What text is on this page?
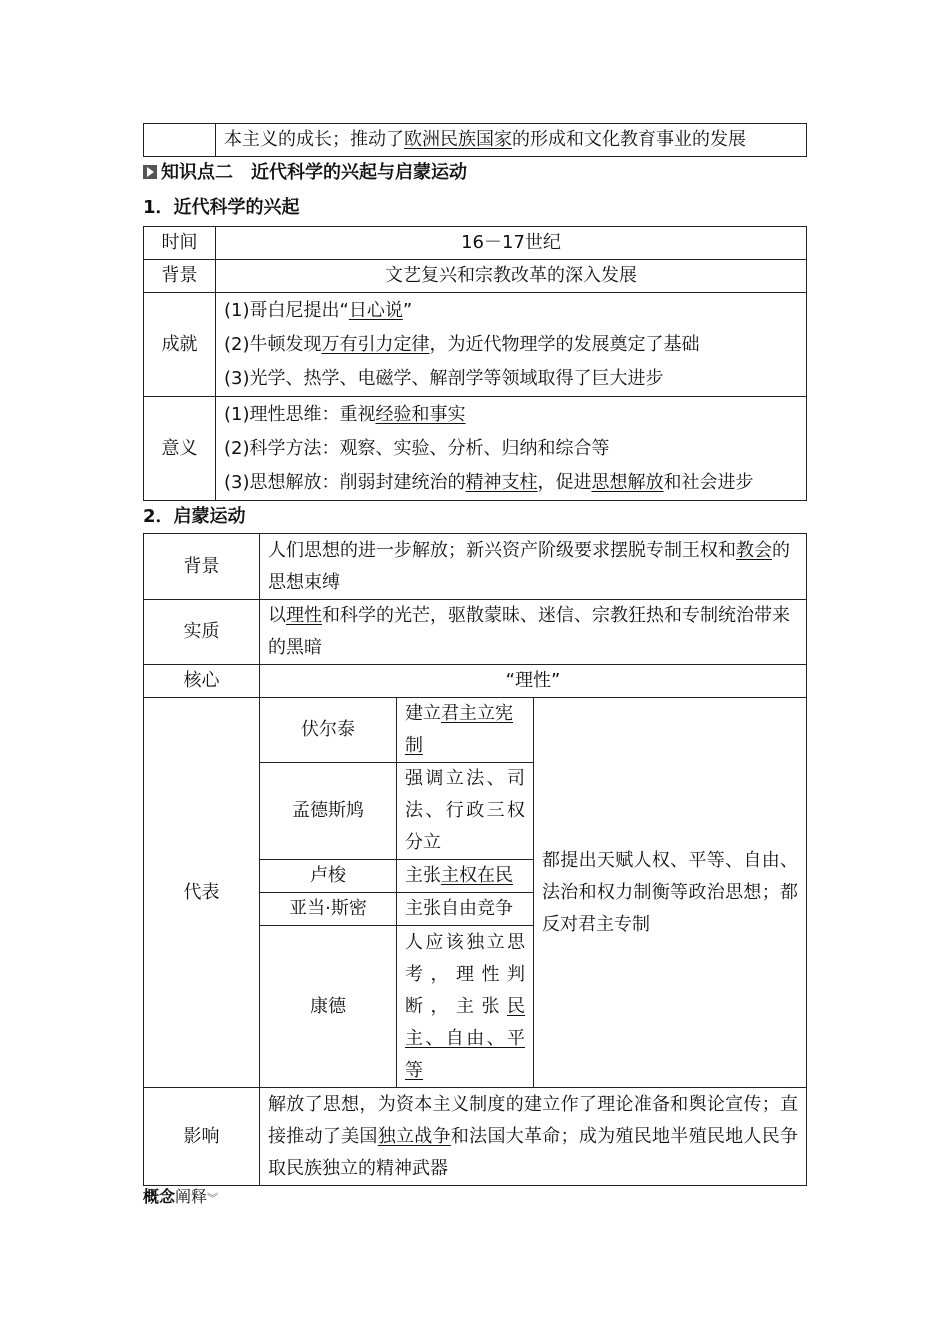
	本主义的成长；推动了欧洲民族国家的形成和文化教育事业的发展
知识点二　近代科学的兴起与启蒙运动
1．近代科学的兴起
时间	16－17世纪
背景	文艺复兴和宗教改革的深入发展
成就	(1)哥白尼提出“日心说”
(2)牛顿发现万有引力定律，为近代物理学的发展奠定了基础
(3)光学、热学、电磁学、解剖学等领域取得了巨大进步

意义	(1)理性思维：重视经验和事实
(2)科学方法：观察、实验、分析、归纳和综合等
(3)思想解放：削弱封建统治的精神支柱，促进思想解放和社会进步
2．启蒙运动
背景	人们思想的进一步解放；新兴资产阶级要求摆脱专制王权和教会的思想束缚		
实质	以理性和科学的光芒，驱散蒙昧、迷信、宗教狂热和专制统治带来的黑暗		
核心	“理性”		
代表	伏尔泰	建立君主立宪制	都提出天赋人权、平等、自由、法治和权力制衡等政治思想；都反对君主专制
	孟德斯鸠	强调立法、司法、行政三权分立	
	卢梭	主张主权在民	
	亚当·斯密	主张自由竞争	
	康德	人应该独立思考，理性判断，主张民主、自由、平等	
影响	解放了思想，为资本主义制度的建立作了理论准备和舆论宣传；直接推动了美国独立战争和法国大革命；成为殖民地半殖民地人民争取民族独立的精神武器		
概念阐释︾
